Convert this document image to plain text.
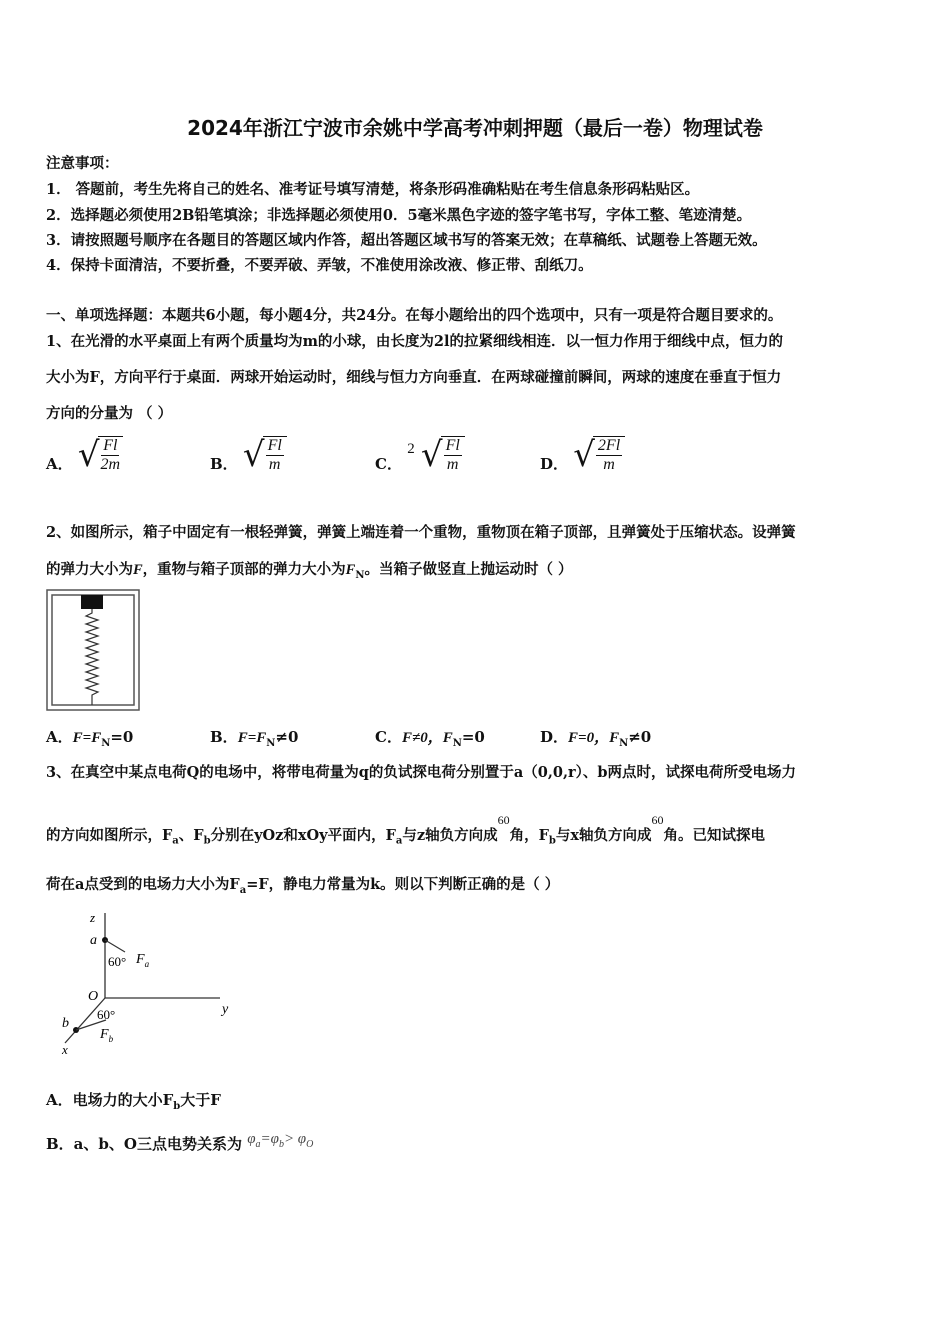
2024年浙江宁波市余姚中学高考冲刺押题（最后一卷）物理试卷
注意事项：
1． 答题前，考生先将自己的姓名、准考证号填写清楚，将条形码准确粘贴在考生信息条形码粘贴区。
2．选择题必须使用2B铅笔填涂；非选择题必须使用0．5毫米黑色字迹的签字笔书写，字体工整、笔迹清楚。
3．请按照题号顺序在各题目的答题区域内作答，超出答题区域书写的答案无效；在草稿纸、试题卷上答题无效。
4．保持卡面清洁，不要折叠，不要弄破、弄皱，不准使用涂改液、修正带、刮纸刀。
一、单项选择题：本题共6小题，每小题4分，共24分。在每小题给出的四个选项中，只有一项是符合题目要求的。
1、在光滑的水平桌面上有两个质量均为m的小球，由长度为2l的拉紧细线相连．以一恒力作用于细线中点，恒力的
大小为F，方向平行于桌面．两球开始运动时，细线与恒力方向垂直．在两球碰撞前瞬间，两球的速度在垂直于恒力
方向的分量为 （ ）
A． √
$\frac{Fl}{2m}$	B． √
$\frac{Fl}{m}$	C． 2 √
$\frac{Fl}{m}$	D． √
$\frac{2Fl}{m}$
2、如图所示，箱子中固定有一根轻弹簧，弹簧上端连着一个重物，重物顶在箱子顶部，且弹簧处于压缩状态。设弹簧
的弹力大小为F，重物与箱子顶部的弹力大小为$F_N$。当箱子做竖直上抛运动时（ ）
A．$F=F_N=0$	B．$F=F_N\ne 0$	C．F≠0，$F_N=0$	D．F=0，$F_N\ne 0$
3、在真空中某点电荷Q的电场中，将带电荷量为q的负试探电荷分别置于a（0,0,r）、b两点时，试探电荷所受电场力
的方向如图所示，$F_a$、$F_b$分别在yOz和xOy平面内，$F_a$与z轴负方向成$^{60}$角，$F_b$与x轴负方向成$^{60}$角。已知试探电
荷在a点受到的电场力大小为$F_a=F$，静电力常量为k。则以下判断正确的是（ ）
z
a
60° $F_a$
O
y
b
60°
$F_b$
x
A．电场力的大小$F_b$大于F
B．a、b、O三点电势关系为 $\varphi_a=\varphi_b> \varphi_O$
